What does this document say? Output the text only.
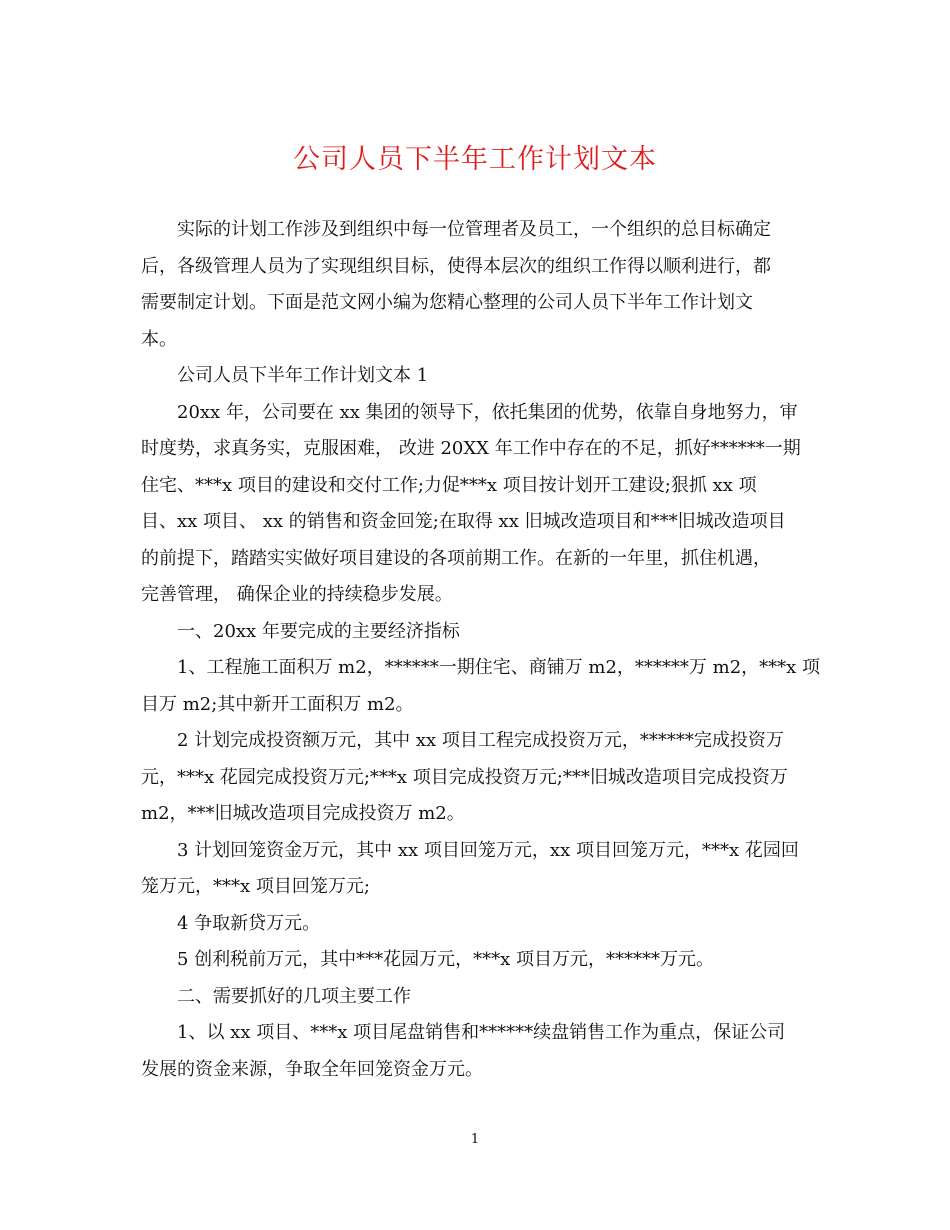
公司人员下半年工作计划文本

实际的计划工作涉及到组织中每一位管理者及员工，一个组织的总目标确定
后，各级管理人员为了实现组织目标，使得本层次的组织工作得以顺利进行，都
需要制定计划。下面是范文网小编为您精心整理的公司人员下半年工作计划文
本。

公司人员下半年工作计划文本 1

20xx 年，公司要在 xx 集团的领导下，依托集团的优势，依靠自身地努力，审
时度势，求真务实，克服困难， 改进 20XX 年工作中存在的不足，抓好******一期
住宅、***x 项目的建设和交付工作;力促***x 项目按计划开工建设;狠抓 xx 项
目、xx 项目、 xx 的销售和资金回笼;在取得 xx 旧城改造项目和***旧城改造项目
的前提下，踏踏实实做好项目建设的各项前期工作。在新的一年里，抓住机遇，
完善管理， 确保企业的持续稳步发展。

一、20xx 年要完成的主要经济指标

1、工程施工面积万 m2，******一期住宅、商铺万 m2，******万 m2，***x 项
目万 m2;其中新开工面积万 m2。

2 计划完成投资额万元，其中 xx 项目工程完成投资万元，******完成投资万
元，***x 花园完成投资万元;***x 项目完成投资万元;***旧城改造项目完成投资万
m2，***旧城改造项目完成投资万 m2。

3 计划回笼资金万元，其中 xx 项目回笼万元，xx 项目回笼万元，***x 花园回
笼万元，***x 项目回笼万元;

4 争取新贷万元。

5 创利税前万元，其中***花园万元，***x 项目万元，******万元。

二、需要抓好的几项主要工作

1、以 xx 项目、***x 项目尾盘销售和******续盘销售工作为重点，保证公司
发展的资金来源，争取全年回笼资金万元。

1
